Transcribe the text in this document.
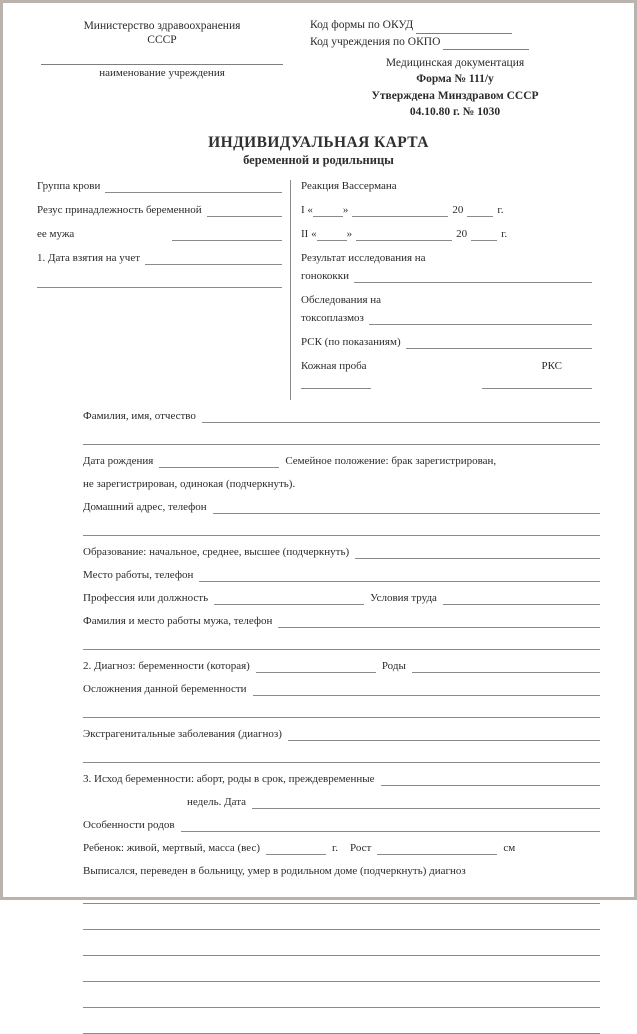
Министерство здравоохранения
СССР
наименование учреждения
Код формы по ОКУД
Код учреждения по ОКПО
Медицинская документация
Форма № 111/у
Утверждена Минздравом СССР
04.10.80 г. № 1030
ИНДИВИДУАЛЬНАЯ КАРТА
беременной и родильницы
Группа крови
Резус принадлежность беременной
ее мужа
1. Дата взятия на учет
Реакция Вассермана
I «	»	20	г.
II «	»	20	г.
Результат исследования на
гонококки
Обследования на
токсоплазмоз
РСК (по показаниям)
Кожная проба	РКС
Фамилия, имя, отчество
Дата рождения	Семейное положение: брак зарегистрирован,
не зарегистрирован, одинокая (подчеркнуть).
Домашний адрес, телефон
Образование: начальное, среднее, высшее (подчеркнуть)
Место работы, телефон
Профессия или должность	Условия труда
Фамилия и место работы мужа, телефон
2. Диагноз: беременности (которая)	Роды
Осложнения данной беременности
Экстрагенитальные заболевания (диагноз)
3. Исход беременности: аборт, роды в срок, преждевременные
недель. Дата
Особенности родов
Ребенок: живой, мертвый, масса (вес)	г.	Рост	см
Выписался, переведен в больницу, умер в родильном доме (подчеркнуть) диагноз
